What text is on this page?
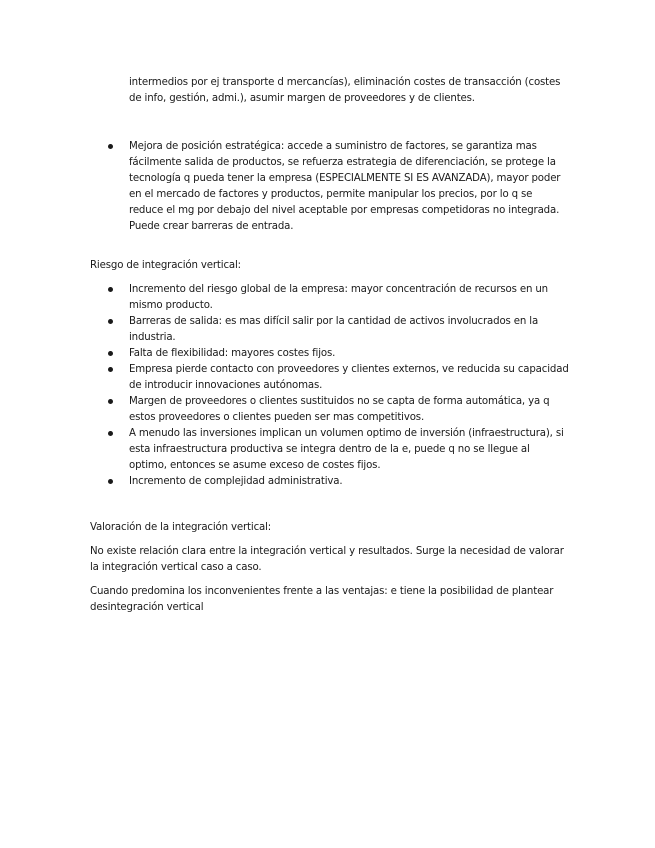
intermedios por ej transporte d mercancías), eliminación costes de transacción (costes de info, gestión, admi.), asumir margen de proveedores y de clientes.
Mejora de posición estratégica: accede a suministro de factores, se garantiza mas fácilmente salida de productos, se refuerza estrategia de diferenciación, se protege la tecnología q pueda tener la empresa (ESPECIALMENTE SI ES AVANZADA), mayor poder en el mercado de factores y productos, permite manipular los precios, por lo q se reduce el mg por debajo del nivel aceptable por empresas competidoras no integrada. Puede crear barreras de entrada.
Riesgo de integración vertical:
Incremento del riesgo global de la empresa: mayor concentración de recursos en un mismo producto.
Barreras de salida: es mas difícil salir por la cantidad de activos involucrados en la industria.
Falta de flexibilidad: mayores costes fijos.
Empresa pierde contacto con proveedores y clientes externos, ve reducida su capacidad de introducir innovaciones autónomas.
Margen de proveedores o clientes sustituidos no se capta de forma automática, ya q estos proveedores o clientes pueden ser mas competitivos.
A menudo las inversiones implican un volumen optimo de inversión (infraestructura), si esta infraestructura productiva se integra dentro de la e, puede q no se llegue al optimo, entonces se asume exceso de costes fijos.
Incremento de complejidad administrativa.
Valoración de la integración vertical:
No existe relación clara entre la integración vertical y resultados. Surge la necesidad de valorar la integración vertical caso a caso.
Cuando predomina los inconvenientes frente a las ventajas: e tiene la posibilidad de plantear desintegración vertical
